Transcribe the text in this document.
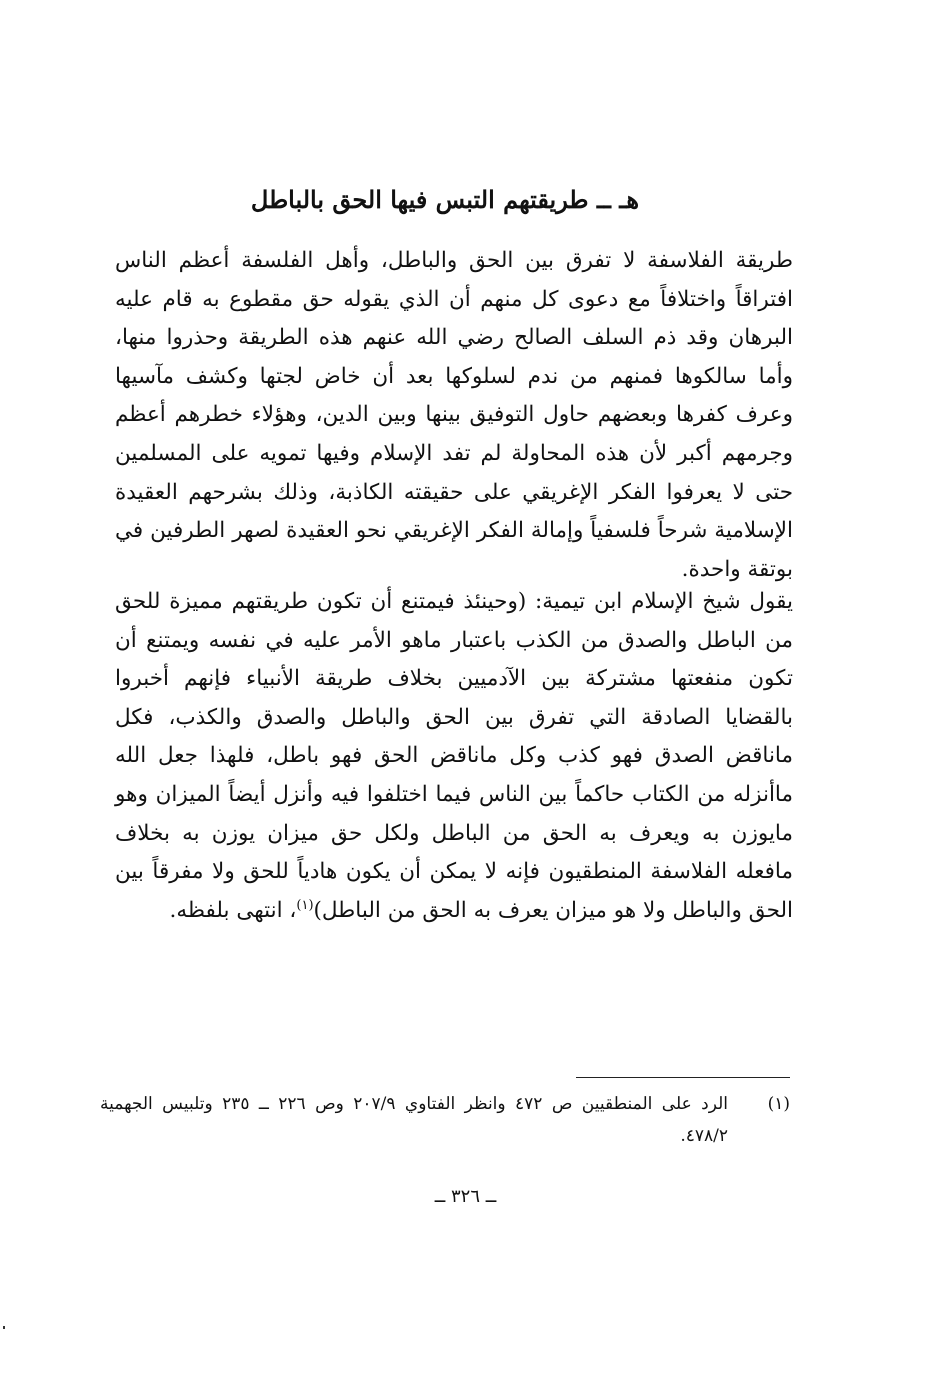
هـ ــ طريقتهم التبس فيها الحق بالباطل

طريقة الفلاسفة لا تفرق بين الحق والباطل، وأهل الفلسفة أعظم الناس افتراقاً واختلافاً مع دعوى كل منهم أن الذي يقوله حق مقطوع به قام عليه البرهان وقد ذم السلف الصالح رضي الله عنهم هذه الطريقة وحذروا منها، وأما سالكوها فمنهم من ندم لسلوكها بعد أن خاض لجتها وكشف مآسيها وعرف كفرها وبعضهم حاول التوفيق بينها وبين الدين، وهؤلاء خطرهم أعظم وجرمهم أكبر لأن هذه المحاولة لم تفد الإسلام وفيها تمويه على المسلمين حتى لا يعرفوا الفكر الإغريقي على حقيقته الكاذبة، وذلك بشرحهم العقيدة الإسلامية شرحاً فلسفياً وإمالة الفكر الإغريقي نحو العقيدة لصهر الطرفين في بوتقة واحدة.

يقول شيخ الإسلام ابن تيمية: (وحينئذ فيمتنع أن تكون طريقتهم مميزة للحق من الباطل والصدق من الكذب باعتبار ماهو الأمر عليه في نفسه ويمتنع أن تكون منفعتها مشتركة بين الآدميين بخلاف طريقة الأنبياء فإنهم أخبروا بالقضايا الصادقة التي تفرق بين الحق والباطل والصدق والكذب، فكل ماناقض الصدق فهو كذب وكل ماناقض الحق فهو باطل، فلهذا جعل الله ماأنزله من الكتاب حاكماً بين الناس فيما اختلفوا فيه وأنزل أيضاً الميزان وهو مايوزن به ويعرف به الحق من الباطل ولكل حق ميزان يوزن به بخلاف مافعله الفلاسفة المنطقيون فإنه لا يمكن أن يكون هادياً للحق ولا مفرقاً بين الحق والباطل ولا هو ميزان يعرف به الحق من الباطل)$^{(١)}$، انتهى بلفظه.

(١)
الرد على المنطقيين ص ٤٧٢ وانظر الفتاوي ٢٠٧/٩ وص ٢٢٦ ــ ٢٣٥ وتلبيس الجهمية ٤٧٨/٢.
ــ ٣٢٦ ــ
